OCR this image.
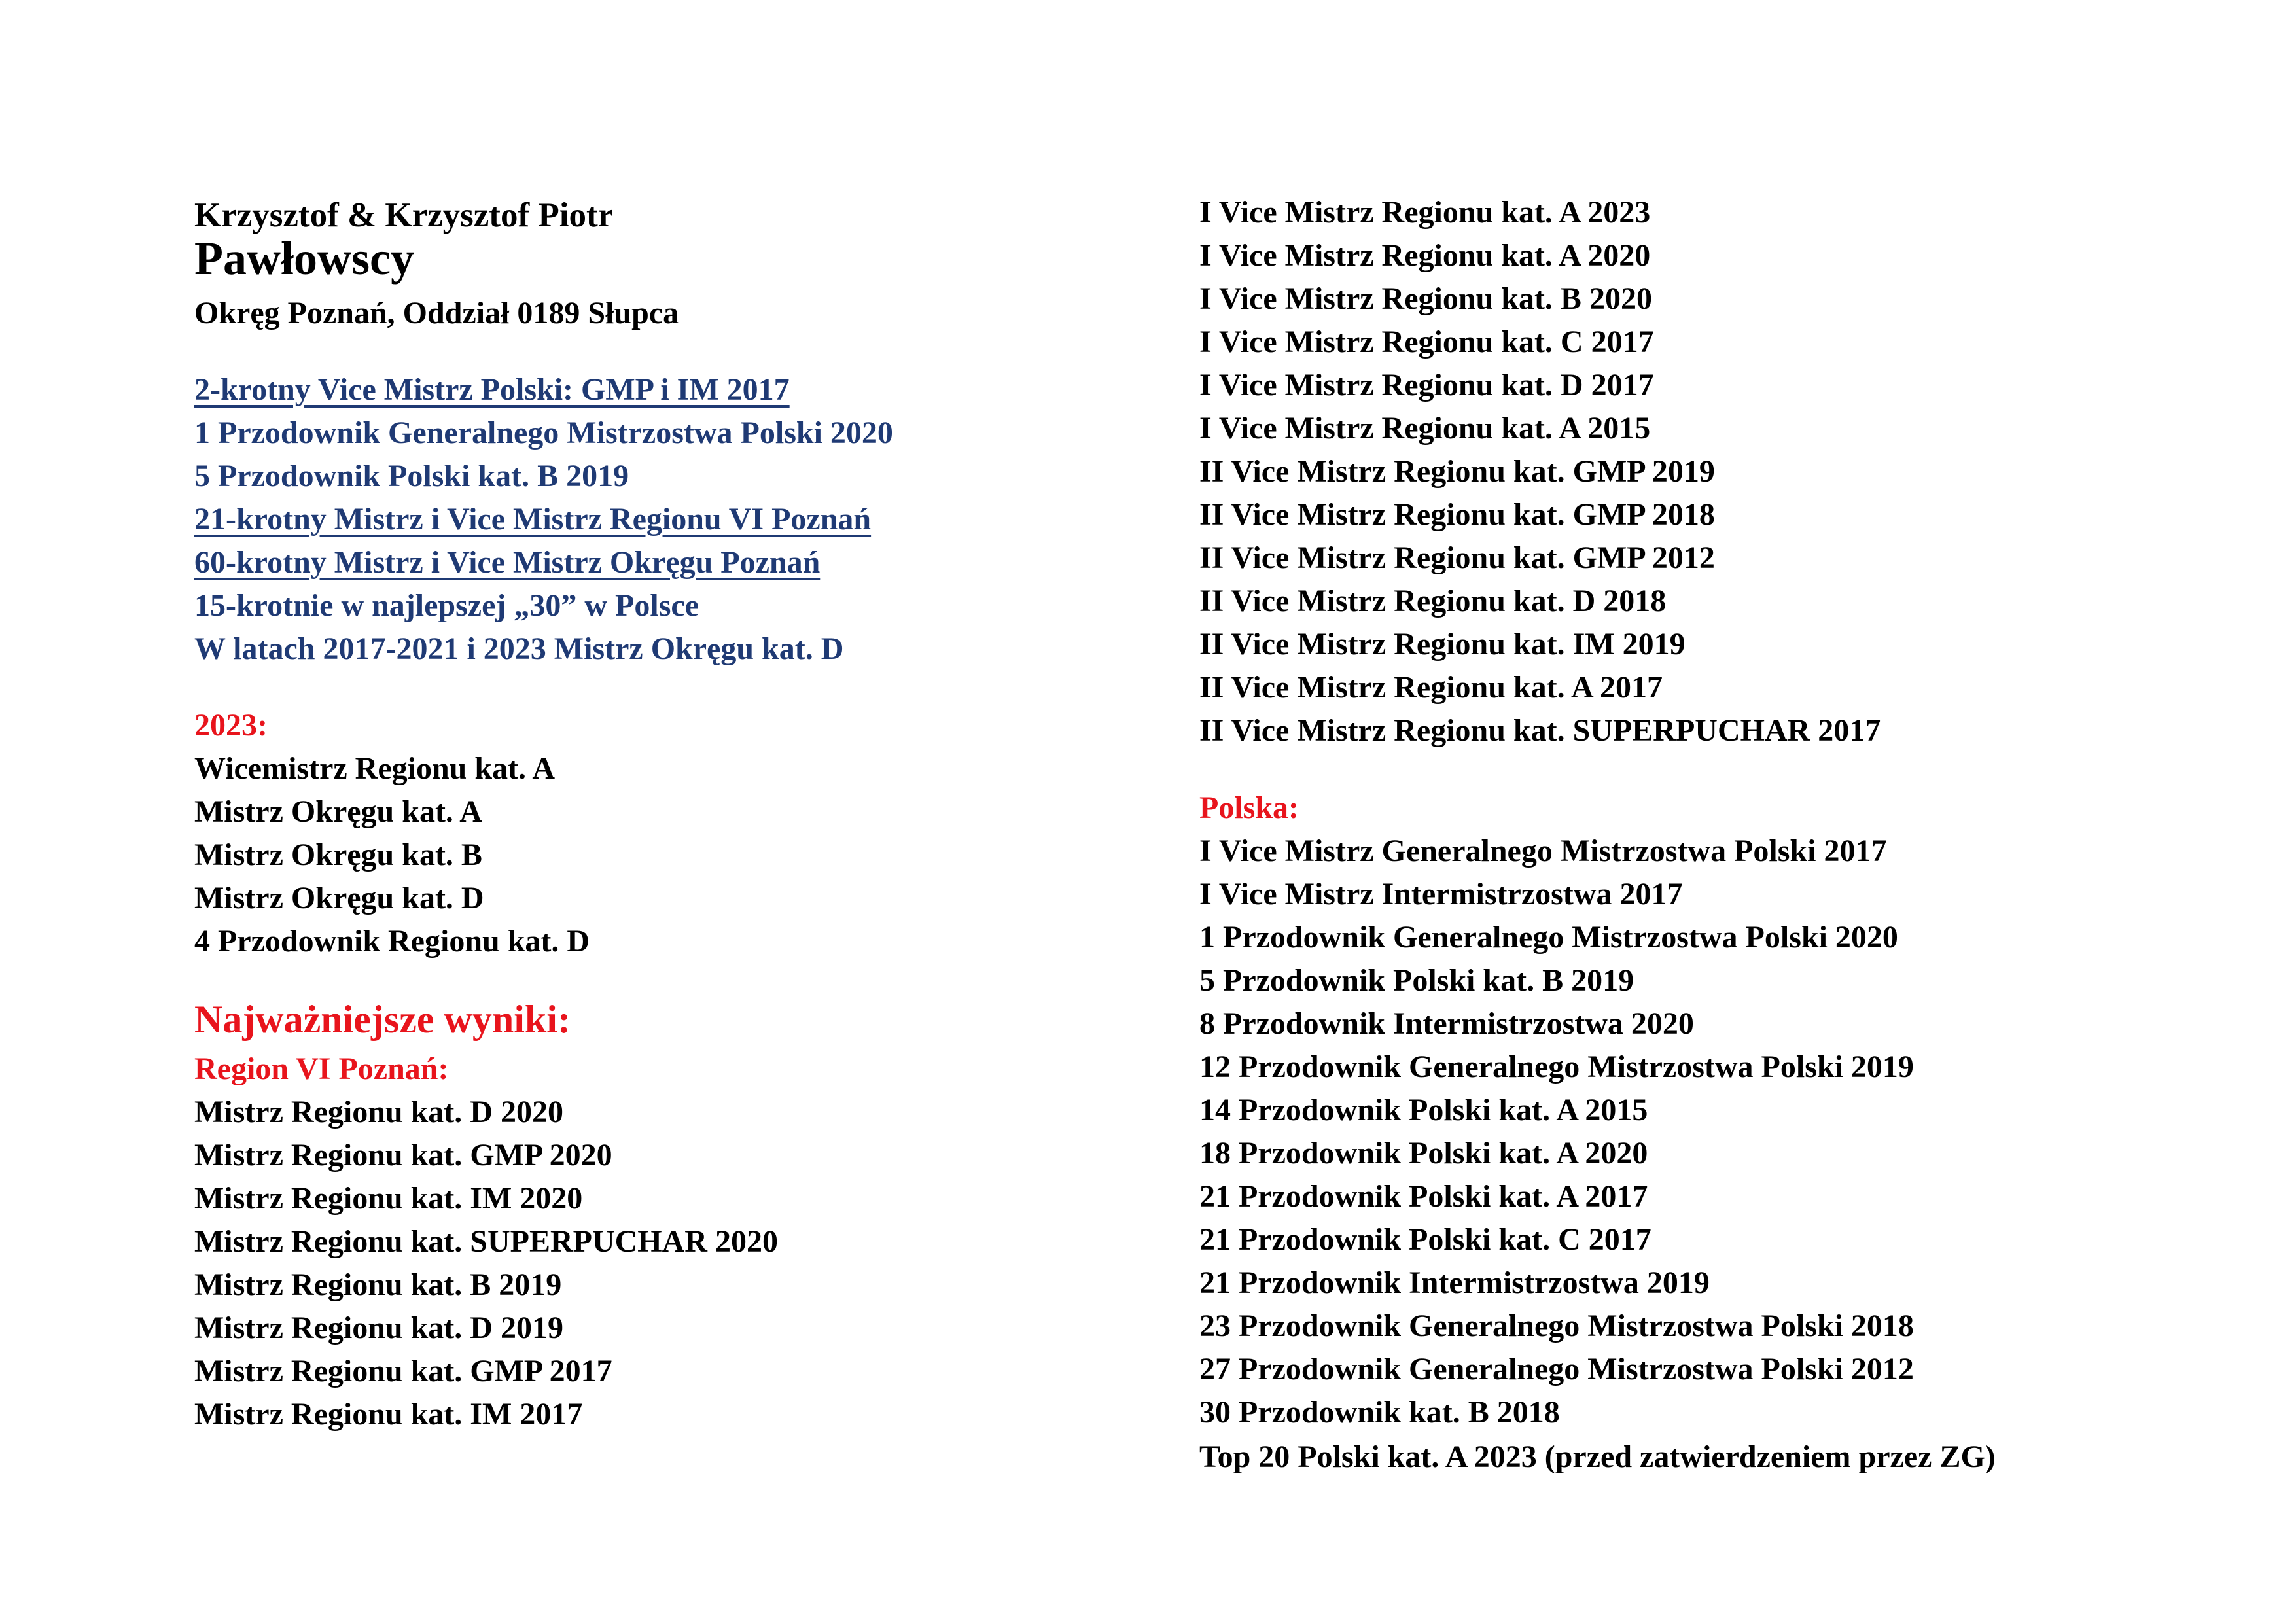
Krzysztof & Krzysztof Piotr
Pawłowscy
Okręg Poznań, Oddział 0189 Słupca
2-krotny Vice Mistrz Polski: GMP i IM 2017
1 Przodownik Generalnego Mistrzostwa Polski 2020
5 Przodownik Polski kat. B 2019
21-krotny Mistrz i Vice Mistrz Regionu VI Poznań
60-krotny Mistrz i Vice Mistrz Okręgu Poznań
15-krotnie w najlepszej „30” w Polsce
W latach 2017-2021 i 2023 Mistrz Okręgu kat. D
2023:
Wicemistrz Regionu kat. A
Mistrz Okręgu kat. A
Mistrz Okręgu kat. B
Mistrz Okręgu kat. D
4 Przodownik Regionu kat. D
Najważniejsze wyniki:
Region VI Poznań:
Mistrz Regionu kat. D 2020
Mistrz Regionu kat. GMP 2020
Mistrz Regionu kat. IM 2020
Mistrz Regionu kat. SUPERPUCHAR 2020
Mistrz Regionu kat. B 2019
Mistrz Regionu kat. D 2019
Mistrz Regionu kat. GMP 2017
Mistrz Regionu kat. IM 2017
I Vice Mistrz Regionu kat. A 2023
I Vice Mistrz Regionu kat. A 2020
I Vice Mistrz Regionu kat. B 2020
I Vice Mistrz Regionu kat. C 2017
I Vice Mistrz Regionu kat. D 2017
I Vice Mistrz Regionu kat. A 2015
II Vice Mistrz Regionu kat. GMP 2019
II Vice Mistrz Regionu kat. GMP 2018
II Vice Mistrz Regionu kat. GMP 2012
II Vice Mistrz Regionu kat. D 2018
II Vice Mistrz Regionu kat. IM 2019
II Vice Mistrz Regionu kat. A 2017
II Vice Mistrz Regionu kat. SUPERPUCHAR 2017
Polska:
I Vice Mistrz Generalnego Mistrzostwa Polski 2017
I Vice Mistrz Intermistrzostwa 2017
1 Przodownik Generalnego Mistrzostwa Polski 2020
5 Przodownik Polski kat. B 2019
8 Przodownik Intermistrzostwa 2020
12 Przodownik Generalnego Mistrzostwa Polski 2019
14 Przodownik Polski kat. A 2015
18 Przodownik Polski kat. A 2020
21 Przodownik Polski kat. A 2017
21 Przodownik Polski kat. C 2017
21 Przodownik Intermistrzostwa 2019
23 Przodownik Generalnego Mistrzostwa Polski 2018
27 Przodownik Generalnego Mistrzostwa Polski 2012
30 Przodownik kat. B 2018
Top 20 Polski kat. A 2023 (przed zatwierdzeniem przez ZG)
